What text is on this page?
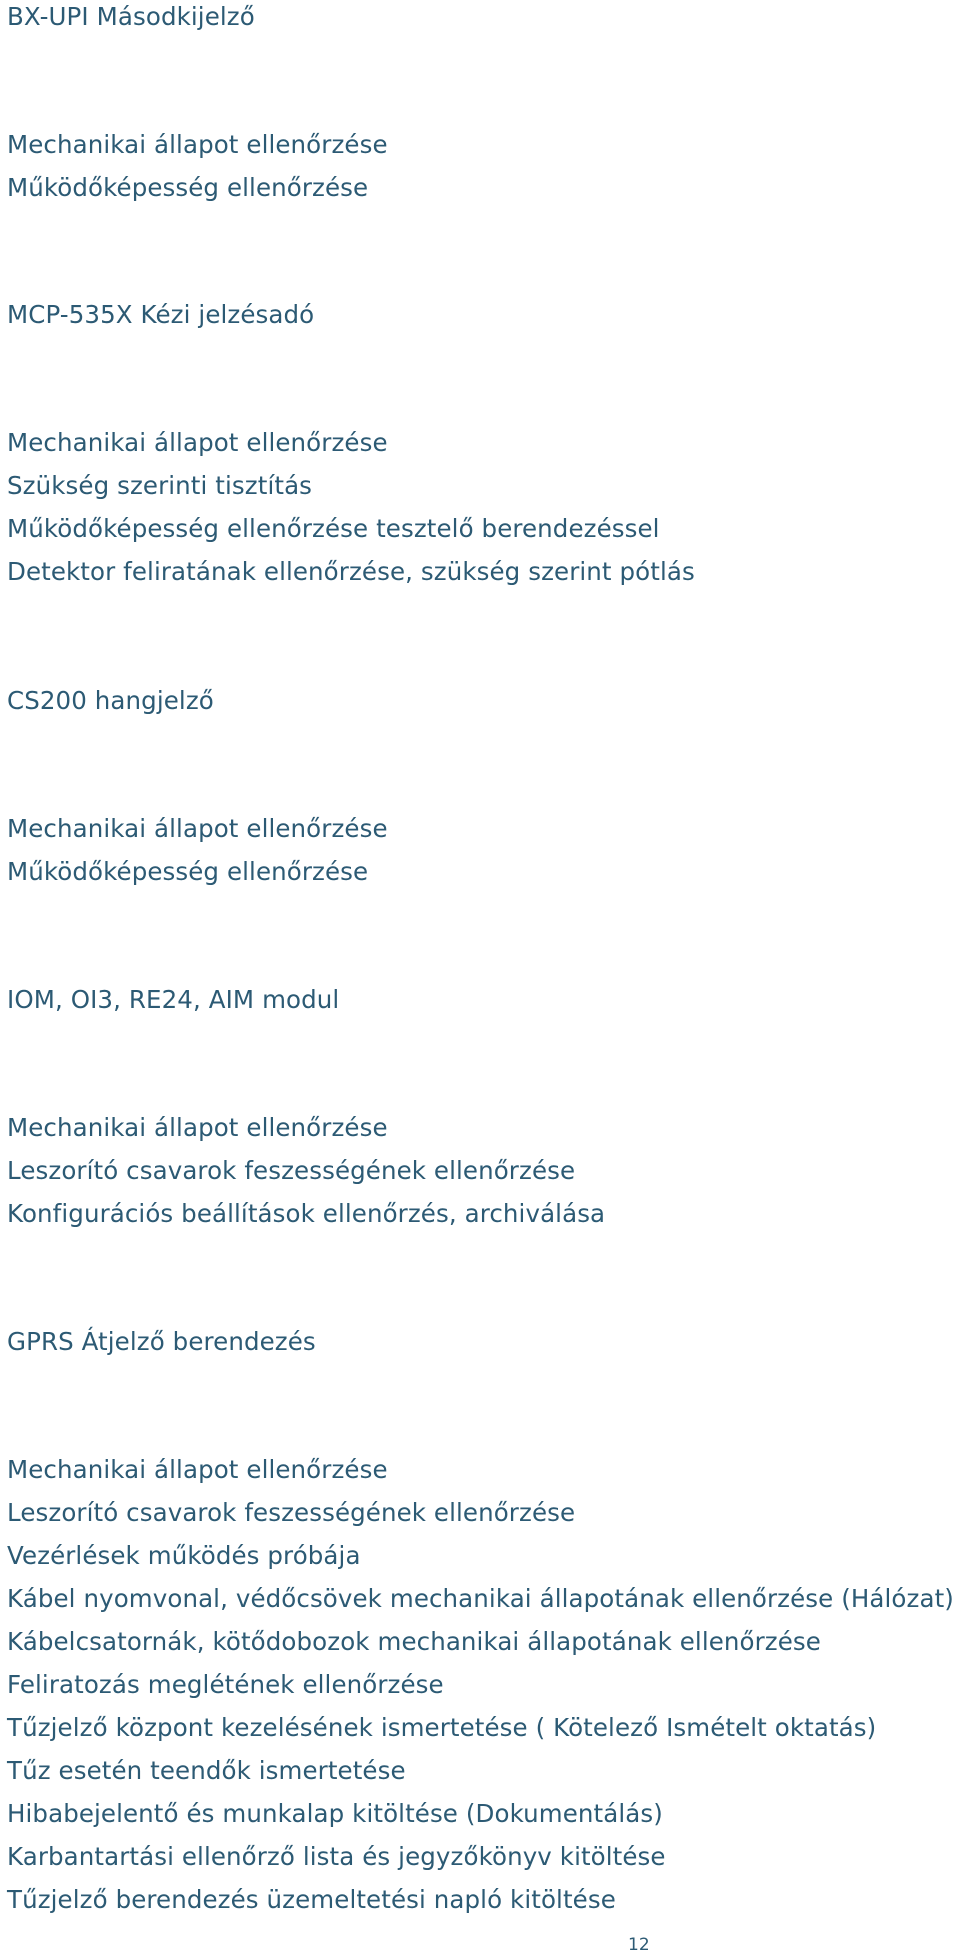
BX-UPI Másodkijelző
Mechanikai állapot ellenőrzése
Működőképesség ellenőrzése
MCP-535X Kézi jelzésadó
Mechanikai állapot ellenőrzése
Szükség szerinti tisztítás
Működőképesség ellenőrzése tesztelő berendezéssel
Detektor feliratának ellenőrzése, szükség szerint pótlás
CS200 hangjelző
Mechanikai állapot ellenőrzése
Működőképesség ellenőrzése
IOM, OI3, RE24, AIM modul
Mechanikai állapot ellenőrzése
Leszorító csavarok feszességének ellenőrzése
Konfigurációs beállítások ellenőrzés, archiválása
GPRS Átjelző berendezés
Mechanikai állapot ellenőrzése
Leszorító csavarok feszességének ellenőrzése
Vezérlések működés próbája
Kábel nyomvonal, védőcsövek mechanikai állapotának ellenőrzése (Hálózat)
Kábelcsatornák, kötődobozok mechanikai állapotának ellenőrzése
Feliratozás meglétének ellenőrzése
Tűzjelző központ kezelésének ismertetése ( Kötelező Ismételt oktatás)
Tűz esetén teendők ismertetése
Hibabejelentő és munkalap kitöltése (Dokumentálás)
Karbantartási ellenőrző lista és jegyzőkönyv kitöltése
Tűzjelző berendezés üzemeltetési napló kitöltése
12
